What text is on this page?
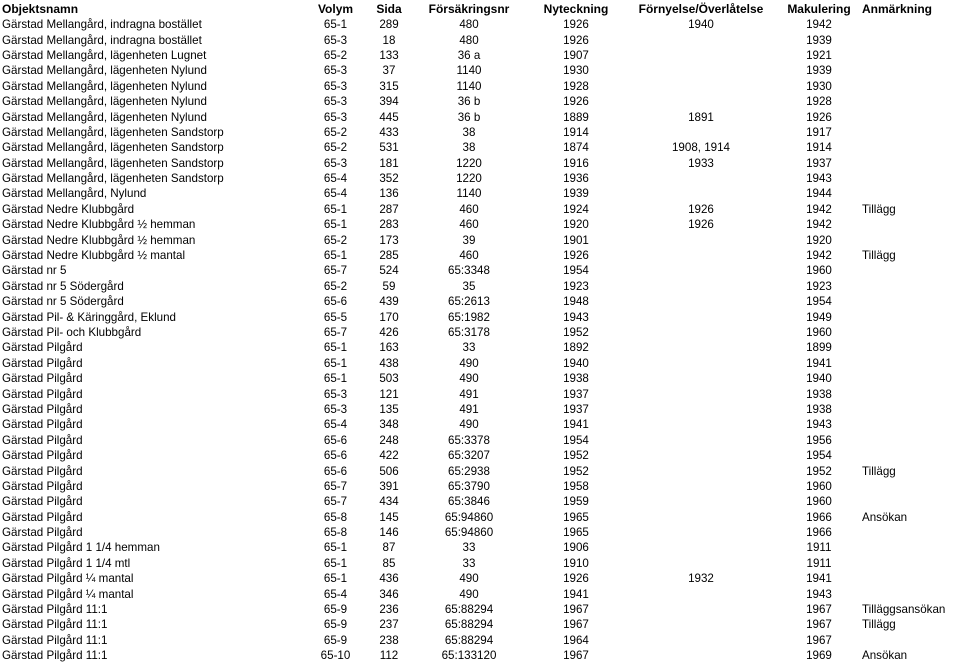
Objektsnamn	Volym	Sida	Försäkringsnr	Nyteckning	Förnyelse/Överlåtelse	Makulering	Anmärkning
Gärstad Mellangård, indragna bostället	65-1	289	480	1926	1940	1942	
Gärstad Mellangård, indragna bostället	65-3	18	480	1926		1939	
Gärstad Mellangård, lägenheten Lugnet	65-2	133	36 a	1907		1921	
Gärstad Mellangård, lägenheten Nylund	65-3	37	1140	1930		1939	
Gärstad Mellangård, lägenheten Nylund	65-3	315	1140	1928		1930	
Gärstad Mellangård, lägenheten Nylund	65-3	394	36 b	1926		1928	
Gärstad Mellangård, lägenheten Nylund	65-3	445	36 b	1889	1891	1926	
Gärstad Mellangård, lägenheten Sandstorp	65-2	433	38	1914		1917	
Gärstad Mellangård, lägenheten Sandstorp	65-2	531	38	1874	1908, 1914	1914	
Gärstad Mellangård, lägenheten Sandstorp	65-3	181	1220	1916	1933	1937	
Gärstad Mellangård, lägenheten Sandstorp	65-4	352	1220	1936		1943	
Gärstad Mellangård, Nylund	65-4	136	1140	1939		1944	
Gärstad Nedre Klubbgård	65-1	287	460	1924	1926	1942	Tillägg
Gärstad Nedre Klubbgård ½ hemman	65-1	283	460	1920	1926	1942	
Gärstad Nedre Klubbgård ½ hemman	65-2	173	39	1901		1920	
Gärstad Nedre Klubbgård ½ mantal	65-1	285	460	1926		1942	Tillägg
Gärstad nr 5	65-7	524	65:3348	1954		1960	
Gärstad nr 5 Södergård	65-2	59	35	1923		1923	
Gärstad nr 5 Södergård	65-6	439	65:2613	1948		1954	
Gärstad Pil- & Käringgård, Eklund	65-5	170	65:1982	1943		1949	
Gärstad Pil- och Klubbgård	65-7	426	65:3178	1952		1960	
Gärstad Pilgård	65-1	163	33	1892		1899	
Gärstad Pilgård	65-1	438	490	1940		1941	
Gärstad Pilgård	65-1	503	490	1938		1940	
Gärstad Pilgård	65-3	121	491	1937		1938	
Gärstad Pilgård	65-3	135	491	1937		1938	
Gärstad Pilgård	65-4	348	490	1941		1943	
Gärstad Pilgård	65-6	248	65:3378	1954		1956	
Gärstad Pilgård	65-6	422	65:3207	1952		1954	
Gärstad Pilgård	65-6	506	65:2938	1952		1952	Tillägg
Gärstad Pilgård	65-7	391	65:3790	1958		1960	
Gärstad Pilgård	65-7	434	65:3846	1959		1960	
Gärstad Pilgård	65-8	145	65:94860	1965		1966	Ansökan
Gärstad Pilgård	65-8	146	65:94860	1965		1966	
Gärstad Pilgård 1 1/4 hemman	65-1	87	33	1906		1911	
Gärstad Pilgård 1 1/4 mtl	65-1	85	33	1910		1911	
Gärstad Pilgård ¼ mantal	65-1	436	490	1926	1932	1941	
Gärstad Pilgård ¼ mantal	65-4	346	490	1941		1943	
Gärstad Pilgård 11:1	65-9	236	65:88294	1967		1967	Tilläggsansökan
Gärstad Pilgård 11:1	65-9	237	65:88294	1967		1967	Tillägg
Gärstad Pilgård 11:1	65-9	238	65:88294	1964		1967	
Gärstad Pilgård 11:1	65-10	112	65:133120	1967		1969	Ansökan
